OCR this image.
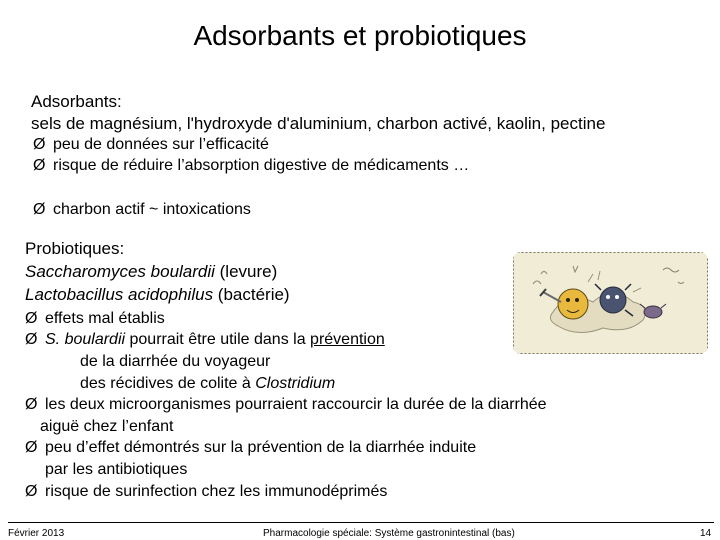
Adsorbants et probiotiques
Adsorbants:
sels de magnésium, l'hydroxyde d'aluminium, charbon activé, kaolin, pectine
Ø peu de données sur l’efficacité
Ø risque de réduire l’absorption digestive de médicaments …
Ø charbon actif ~ intoxications
Probiotiques:
Saccharomyces boulardii (levure)
Lactobacillus acidophilus (bactérie)
Ø effets mal établis
Ø S. boulardii pourrait être utile dans la prévention
de la diarrhée du voyageur
des récidives de colite à Clostridium
Ø les deux microorganismes pourraient raccourcir la durée de la diarrhée
aiguë chez l’enfant
Ø peu d’effet démontrés sur la prévention de la diarrhée induite
par les antibiotiques
Ø risque de surinfection chez les immunodéprimés
Février 2013	Pharmacologie spéciale: Système gastronintestinal (bas)	14
